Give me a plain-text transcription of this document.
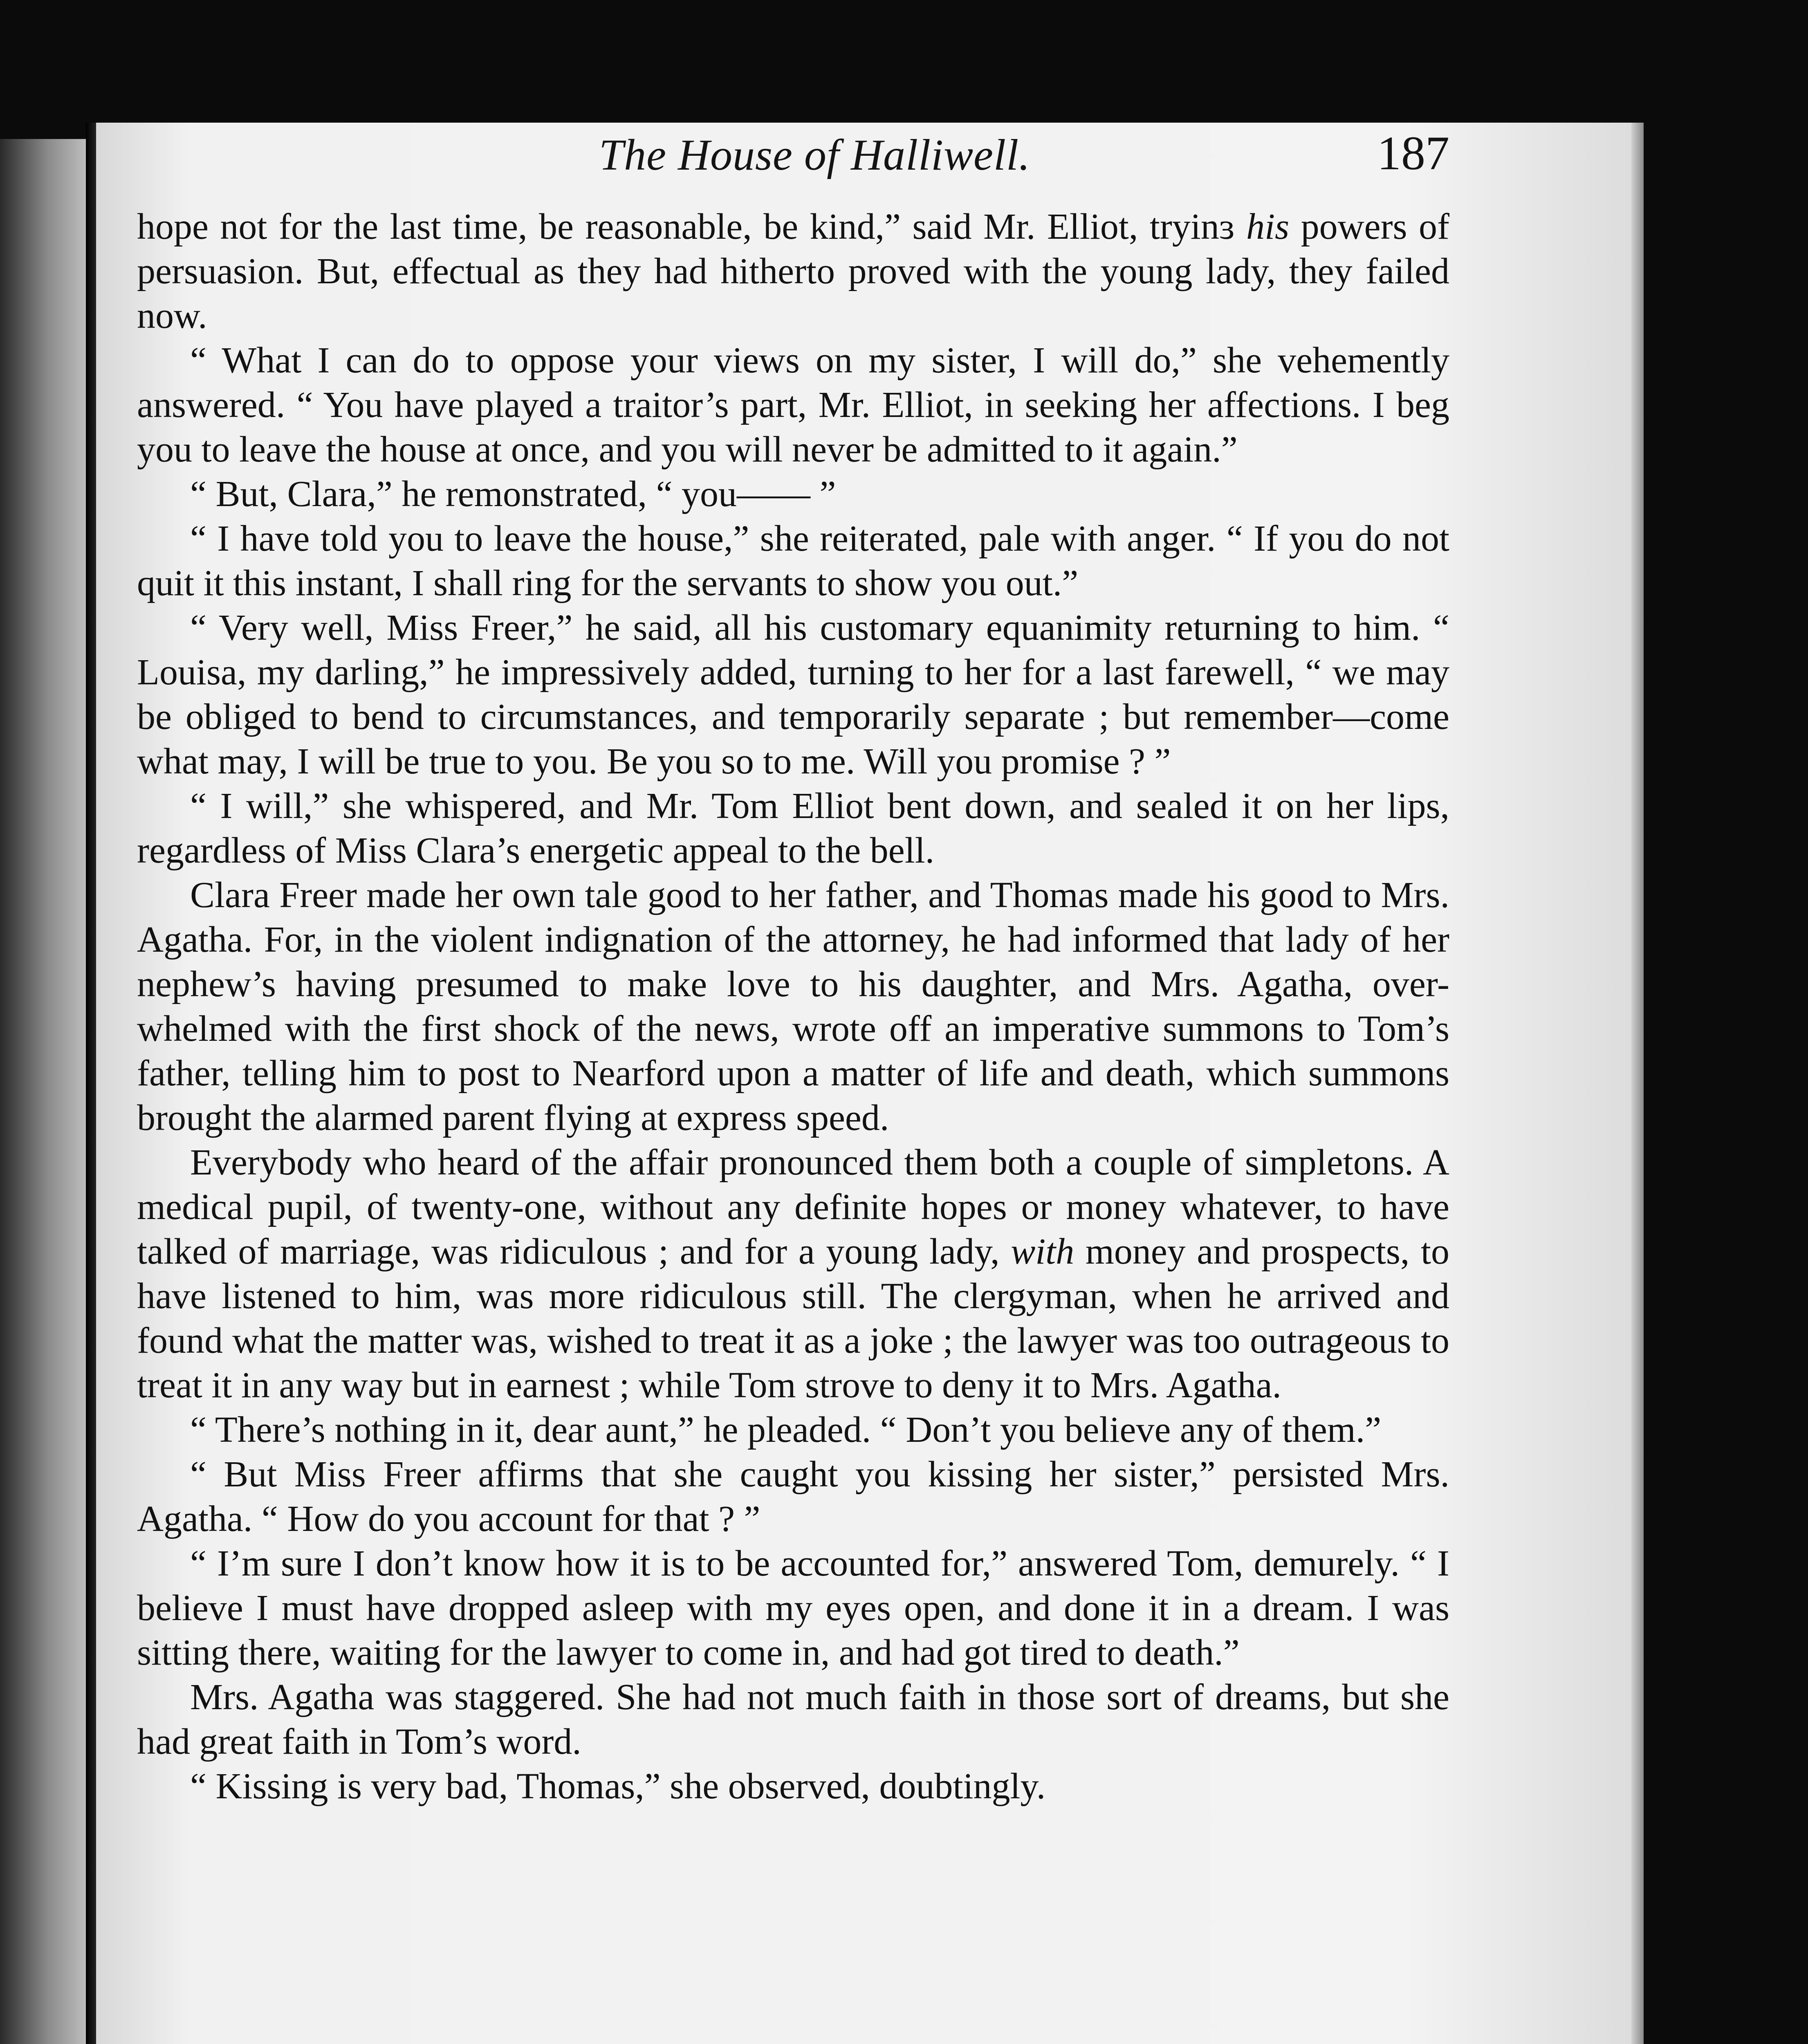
The House of Halliwell.	187

hope not for the last time, be reasonable, be kind,” said Mr. Elliot, tryinɜ his powers of persuasion. But, effectual as they had hitherto proved with the young lady, they failed now.

“ What I can do to oppose your views on my sister, I will do,” she vehemently answered. “ You have played a traitor’s part, Mr. Elliot, in seeking her affections. I beg you to leave the house at once, and you will never be admitted to it again.”

“ But, Clara,” he remonstrated, “ you—— ”

“ I have told you to leave the house,” she reiterated, pale with anger. “ If you do not quit it this instant, I shall ring for the servants to show you out.”

“ Very well, Miss Freer,” he said, all his customary equanimity returning to him. “ Louisa, my darling,” he impressively added, turning to her for a last farewell, “ we may be obliged to bend to circumstances, and temporarily separate ; but remember—come what may, I will be true to you. Be you so to me. Will you promise ? ”

“ I will,” she whispered, and Mr. Tom Elliot bent down, and sealed it on her lips, regardless of Miss Clara’s energetic appeal to the bell.

Clara Freer made her own tale good to her father, and Thomas made his good to Mrs. Agatha. For, in the violent indignation of the attorney, he had informed that lady of her nephew’s having presumed to make love to his daughter, and Mrs. Agatha, over-whelmed with the first shock of the news, wrote off an imperative summons to Tom’s father, telling him to post to Nearford upon a matter of life and death, which summons brought the alarmed parent flying at express speed.

Everybody who heard of the affair pronounced them both a couple of simpletons. A medical pupil, of twenty-one, without any definite hopes or money whatever, to have talked of marriage, was ridiculous ; and for a young lady, with money and prospects, to have listened to him, was more ridiculous still. The clergyman, when he arrived and found what the matter was, wished to treat it as a joke ; the lawyer was too outrageous to treat it in any way but in earnest ; while Tom strove to deny it to Mrs. Agatha.

“ There’s nothing in it, dear aunt,” he pleaded. “ Don’t you believe any of them.”

“ But Miss Freer affirms that she caught you kissing her sister,” persisted Mrs. Agatha. “ How do you account for that ? ”

“ I’m sure I don’t know how it is to be accounted for,” answered Tom, demurely. “ I believe I must have dropped asleep with my eyes open, and done it in a dream. I was sitting there, waiting for the lawyer to come in, and had got tired to death.”

Mrs. Agatha was staggered. She had not much faith in those sort of dreams, but she had great faith in Tom’s word.

“ Kissing is very bad, Thomas,” she observed, doubtingly.
